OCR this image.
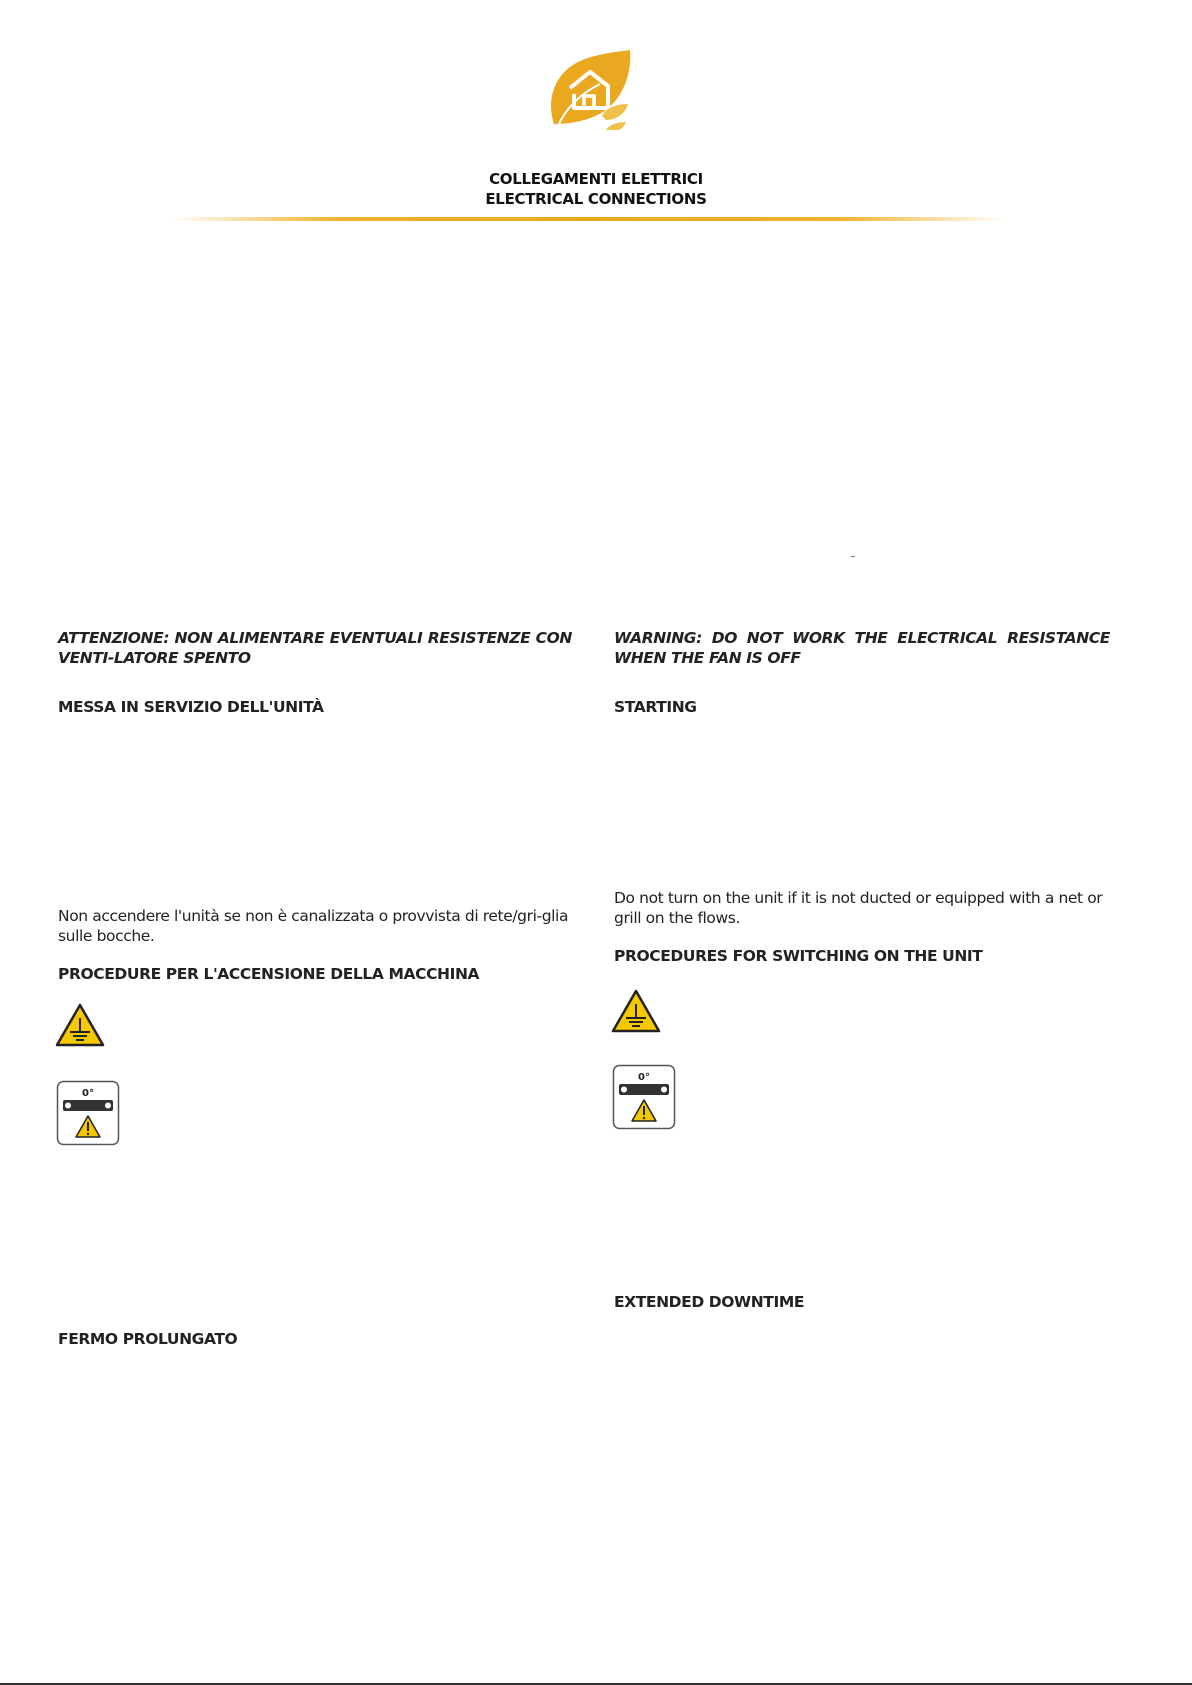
COLLEGAMENTI ELETTRICI
ELECTRICAL CONNECTIONS
ATTENZIONE: NON ALIMENTARE EVENTUALI RESISTENZE CON VENTI-LATORE SPENTO
MESSA IN SERVIZIO DELL'UNITÀ
Non accendere l'unità se non è canalizzata o provvista di rete/gri-glia sulle bocche.
PROCEDURE PER L'ACCENSIONE DELLA MACCHINA
0°
FERMO PROLUNGATO
WARNING: DO NOT WORK THE ELECTRICAL RESISTANCE WHEN THE FAN IS OFF
STARTING
Do not turn on the unit if it is not ducted or equipped with a net or grill on the flows.
PROCEDURES FOR SWITCHING ON THE UNIT
0°
EXTENDED DOWNTIME
